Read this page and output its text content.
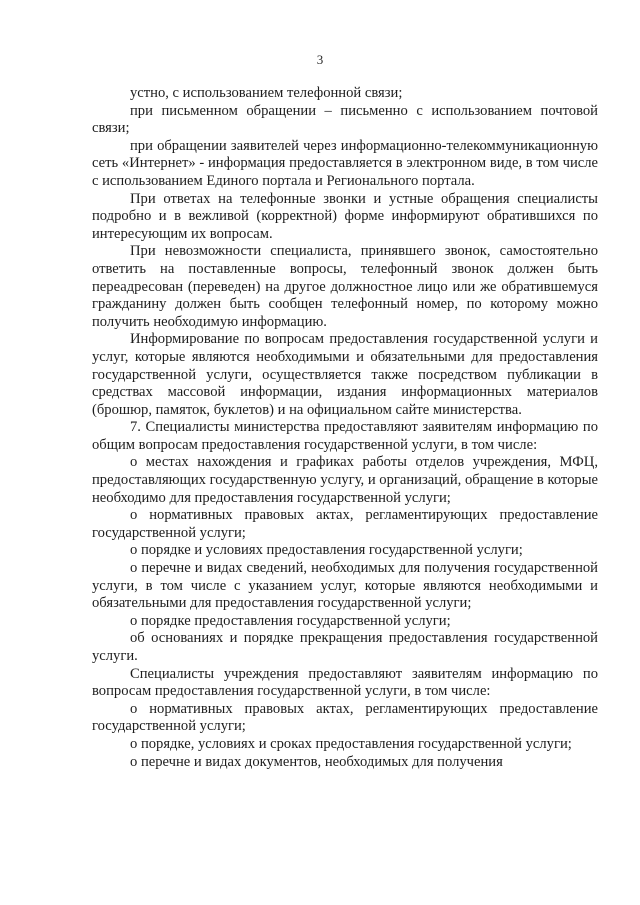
3

устно, с использованием телефонной связи;

при письменном обращении – письменно с использованием почтовой связи;

при обращении заявителей через информационно-телекоммуникационную сеть «Интернет» - информация предоставляется в электронном виде, в том числе с использованием Единого портала и Регионального портала.

При ответах на телефонные звонки и устные обращения специалисты подробно и в вежливой (корректной) форме информируют обратившихся по интересующим их вопросам.

При невозможности специалиста, принявшего звонок, самостоятельно ответить на поставленные вопросы, телефонный звонок должен быть переадресован (переведен) на другое должностное лицо или же обратившемуся гражданину должен быть сообщен телефонный номер, по которому можно получить необходимую информацию.

Информирование по вопросам предоставления государственной услуги и услуг, которые являются необходимыми и обязательными для предоставления государственной услуги, осуществляется также посредством публикации в средствах массовой информации, издания информационных материалов (брошюр, памяток, буклетов) и на официальном сайте министерства.

7. Специалисты министерства предоставляют заявителям информацию по общим вопросам предоставления государственной услуги, в том числе:

о местах нахождения и графиках работы отделов учреждения, МФЦ, предоставляющих государственную услугу, и организаций, обращение в которые необходимо для предоставления государственной услуги;

о нормативных правовых актах, регламентирующих предоставление государственной услуги;

о порядке и условиях предоставления государственной услуги;

о перечне и видах сведений, необходимых для получения государственной услуги, в том числе с указанием услуг, которые являются необходимыми и обязательными для предоставления государственной услуги;

о порядке предоставления государственной услуги;

об основаниях и порядке прекращения предоставления государственной услуги.

Специалисты учреждения предоставляют заявителям информацию по вопросам предоставления государственной услуги, в том числе:

о нормативных правовых актах, регламентирующих предоставление государственной услуги;

о порядке, условиях и сроках предоставления государственной услуги;

о перечне и видах документов, необходимых для получения
